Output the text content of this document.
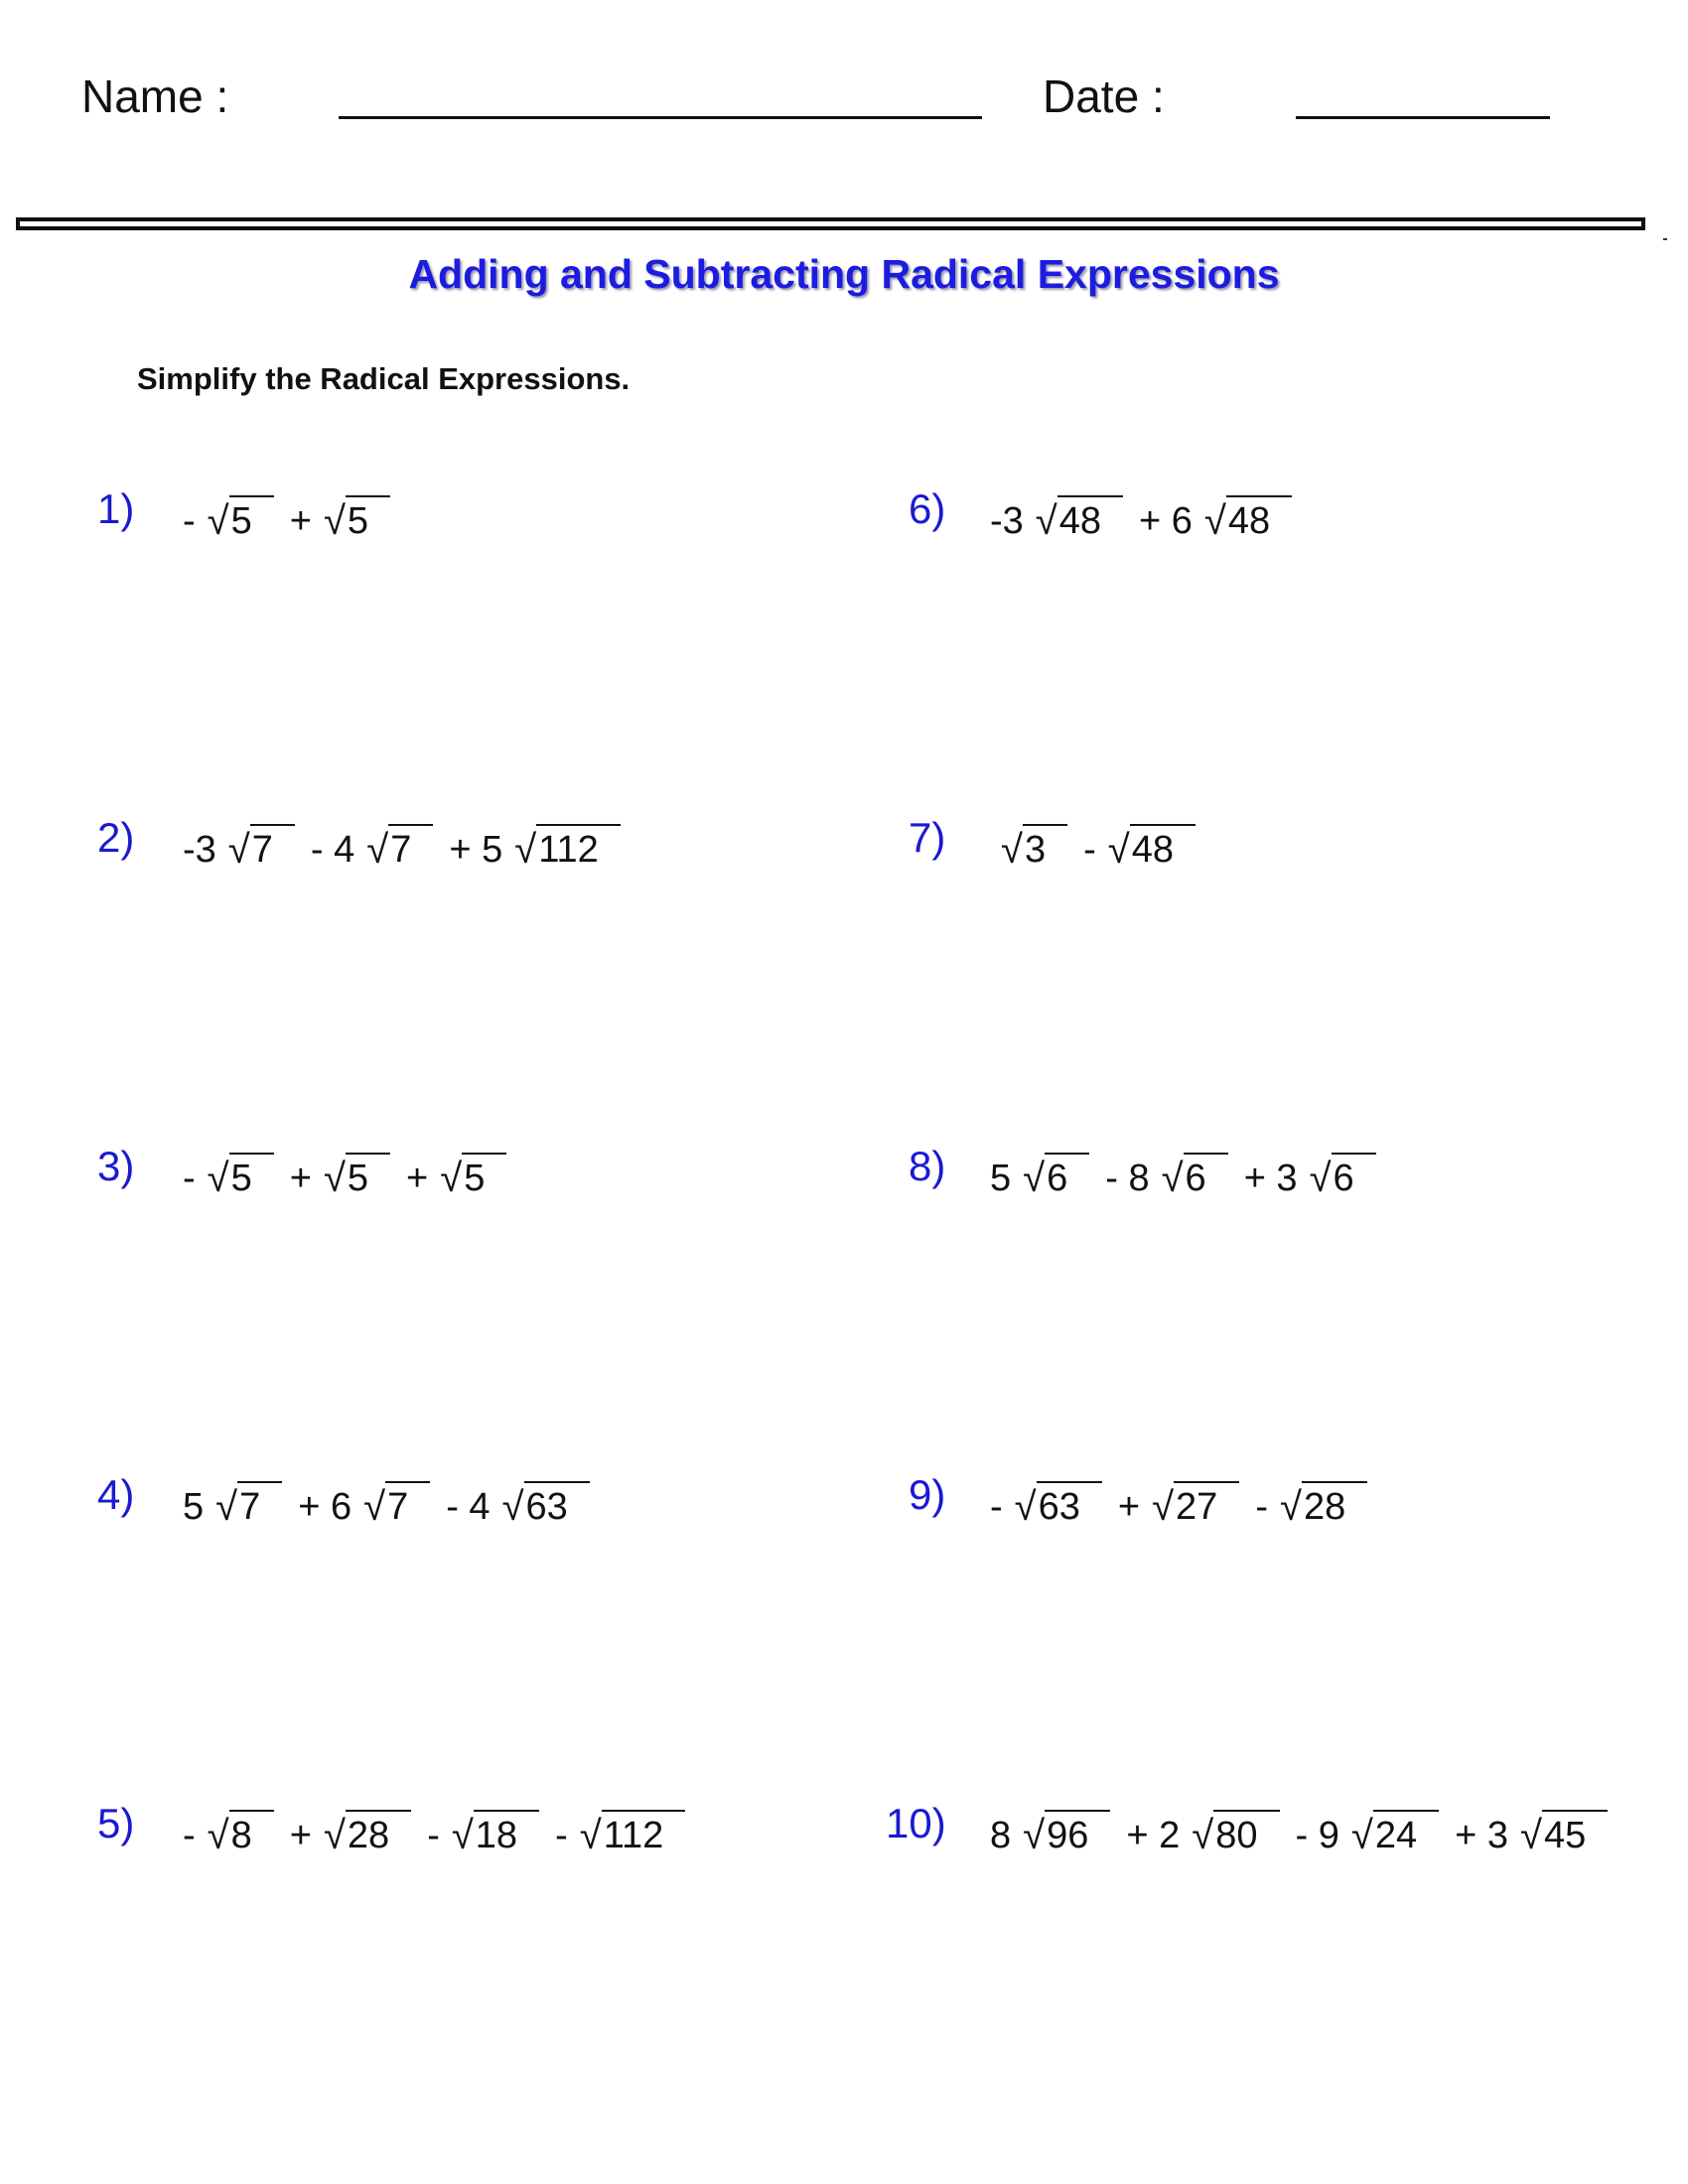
Name :	Date :
Adding and Subtracting Radical Expressions
Simplify the Radical Expressions.
1) - √ 5	+ √ 5
2) -3 √ 7	- 4 √ 7	+ 5 √ 112
3) - √ 5	+ √ 5	+ √ 5
4) 5 √ 7	+ 6 √ 7	- 4 √ 63
5) - √ 8	+ √ 28	- √ 18	- √ 112
6) -3 √ 48	+ 6 √ 48
7) √ 3	- √ 48
8) 5 √ 6	- 8 √ 6	+ 3 √ 6
9) - √ 63	+ √ 27	- √ 28
10) 8 √ 96	+ 2 √ 80	- 9 √ 24	+ 3 √ 45
